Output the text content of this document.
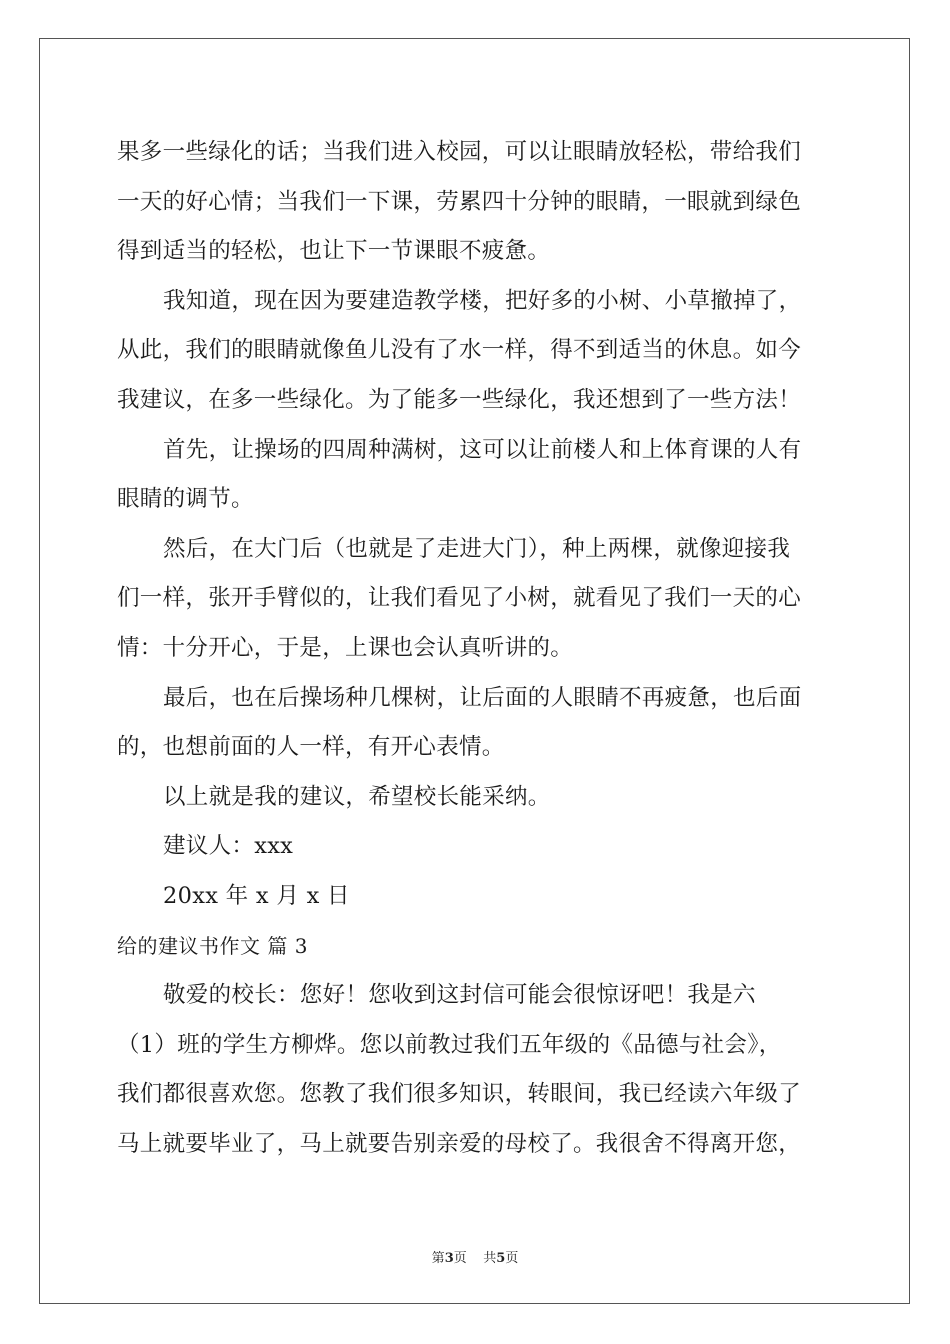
果多一些绿化的话；当我们进入校园，可以让眼睛放轻松，带给我们
一天的好心情；当我们一下课，劳累四十分钟的眼睛，一眼就到绿色
得到适当的轻松，也让下一节课眼不疲惫。
我知道，现在因为要建造教学楼，把好多的小树、小草撤掉了，
从此，我们的眼睛就像鱼儿没有了水一样，得不到适当的休息。如今
我建议，在多一些绿化。为了能多一些绿化，我还想到了一些方法！
首先，让操场的四周种满树，这可以让前楼人和上体育课的人有
眼睛的调节。
然后，在大门后（也就是了走进大门），种上两棵，就像迎接我
们一样，张开手臂似的，让我们看见了小树，就看见了我们一天的心
情：十分开心，于是，上课也会认真听讲的。
最后，也在后操场种几棵树，让后面的人眼睛不再疲惫，也后面
的，也想前面的人一样，有开心表情。
以上就是我的建议，希望校长能采纳。
建议人：xxx
20xx 年 x 月 x 日
给的建议书作文 篇 3
敬爱的校长：您好！您收到这封信可能会很惊讶吧！我是六
（1）班的学生方柳烨。您以前教过我们五年级的《品德与社会》，
我们都很喜欢您。您教了我们很多知识，转眼间，我已经读六年级了
马上就要毕业了，马上就要告别亲爱的母校了。我很舍不得离开您，
第3页    共5页
